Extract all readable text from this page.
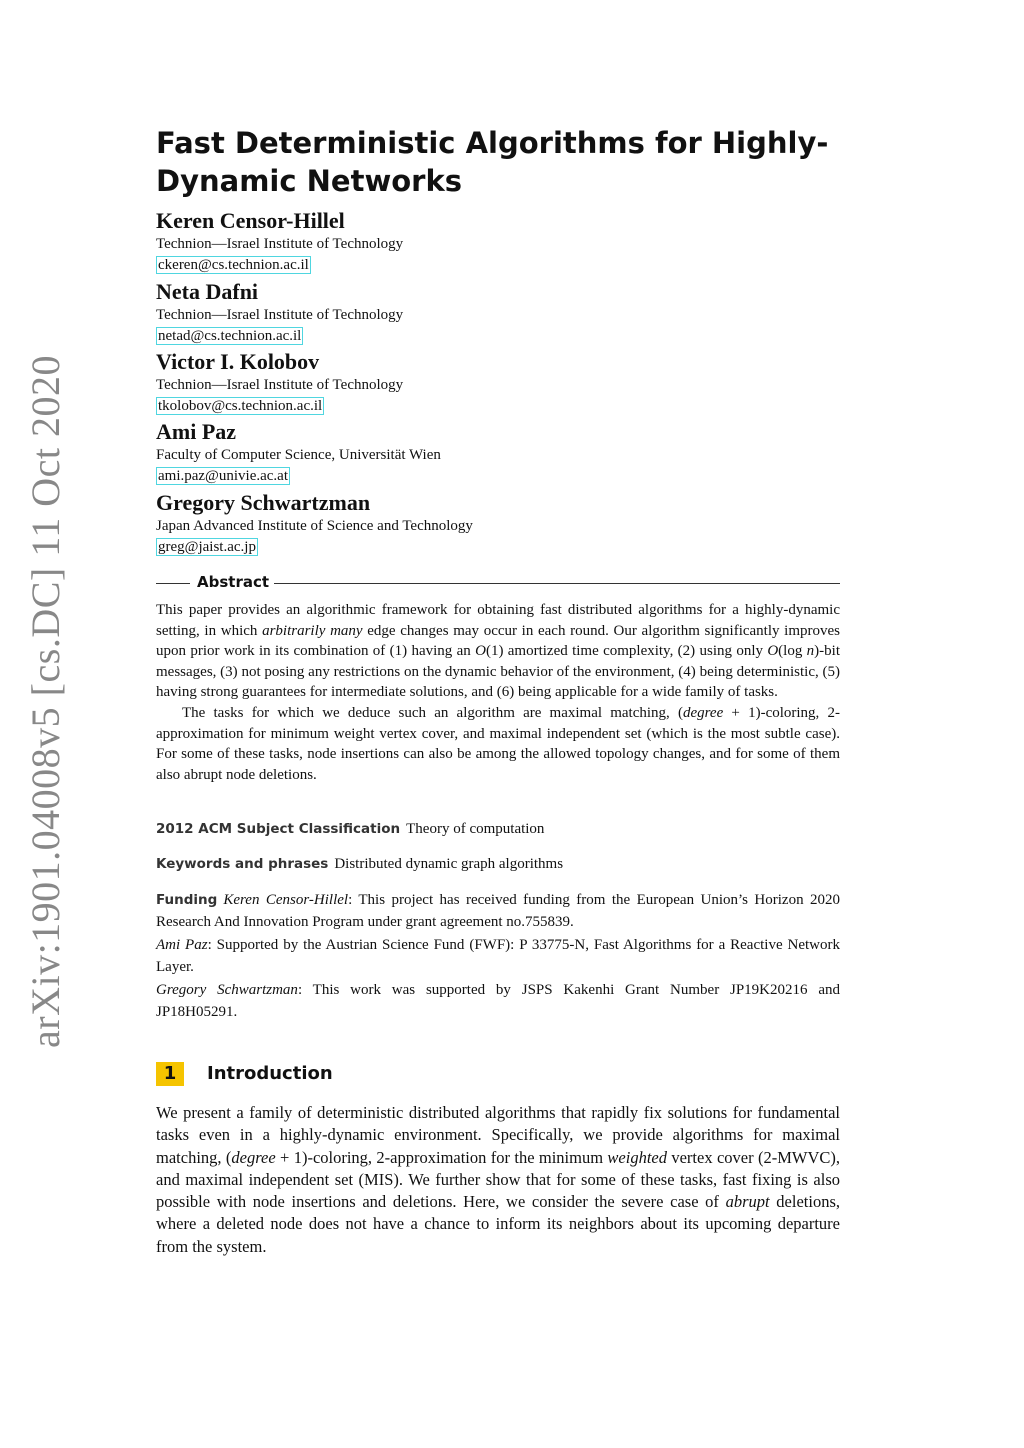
arXiv:1901.04008v5 [cs.DC] 11 Oct 2020
Fast Deterministic Algorithms for Highly-Dynamic Networks
Keren Censor-Hillel
Technion—Israel Institute of Technology
ckeren@cs.technion.ac.il
Neta Dafni
Technion—Israel Institute of Technology
netad@cs.technion.ac.il
Victor I. Kolobov
Technion—Israel Institute of Technology
tkolobov@cs.technion.ac.il
Ami Paz
Faculty of Computer Science, Universität Wien
ami.paz@univie.ac.at
Gregory Schwartzman
Japan Advanced Institute of Science and Technology
greg@jaist.ac.jp
Abstract

This paper provides an algorithmic framework for obtaining fast distributed algorithms for a highly-dynamic setting, in which arbitrarily many edge changes may occur in each round. Our algorithm significantly improves upon prior work in its combination of (1) having an O(1) amortized time complexity, (2) using only O(log n)-bit messages, (3) not posing any restrictions on the dynamic behavior of the environment, (4) being deterministic, (5) having strong guarantees for intermediate solutions, and (6) being applicable for a wide family of tasks.

The tasks for which we deduce such an algorithm are maximal matching, (degree + 1)-coloring, 2-approximation for minimum weight vertex cover, and maximal independent set (which is the most subtle case). For some of these tasks, node insertions can also be among the allowed topology changes, and for some of them also abrupt node deletions.

2012 ACM Subject Classification Theory of computation

Keywords and phrases Distributed dynamic graph algorithms

Funding Keren Censor-Hillel: This project has received funding from the European Union’s Horizon 2020 Research And Innovation Program under grant agreement no.755839.

Ami Paz: Supported by the Austrian Science Fund (FWF): P 33775-N, Fast Algorithms for a Reactive Network Layer.

Gregory Schwartzman: This work was supported by JSPS Kakenhi Grant Number JP19K20216 and JP18H05291.

1	Introduction

We present a family of deterministic distributed algorithms that rapidly fix solutions for fundamental tasks even in a highly-dynamic environment. Specifically, we provide algorithms for maximal matching, (degree + 1)-coloring, 2-approximation for the minimum weighted vertex cover (2-MWVC), and maximal independent set (MIS). We further show that for some of these tasks, fast fixing is also possible with node insertions and deletions. Here, we consider the severe case of abrupt deletions, where a deleted node does not have a chance to inform its neighbors about its upcoming departure from the system.
